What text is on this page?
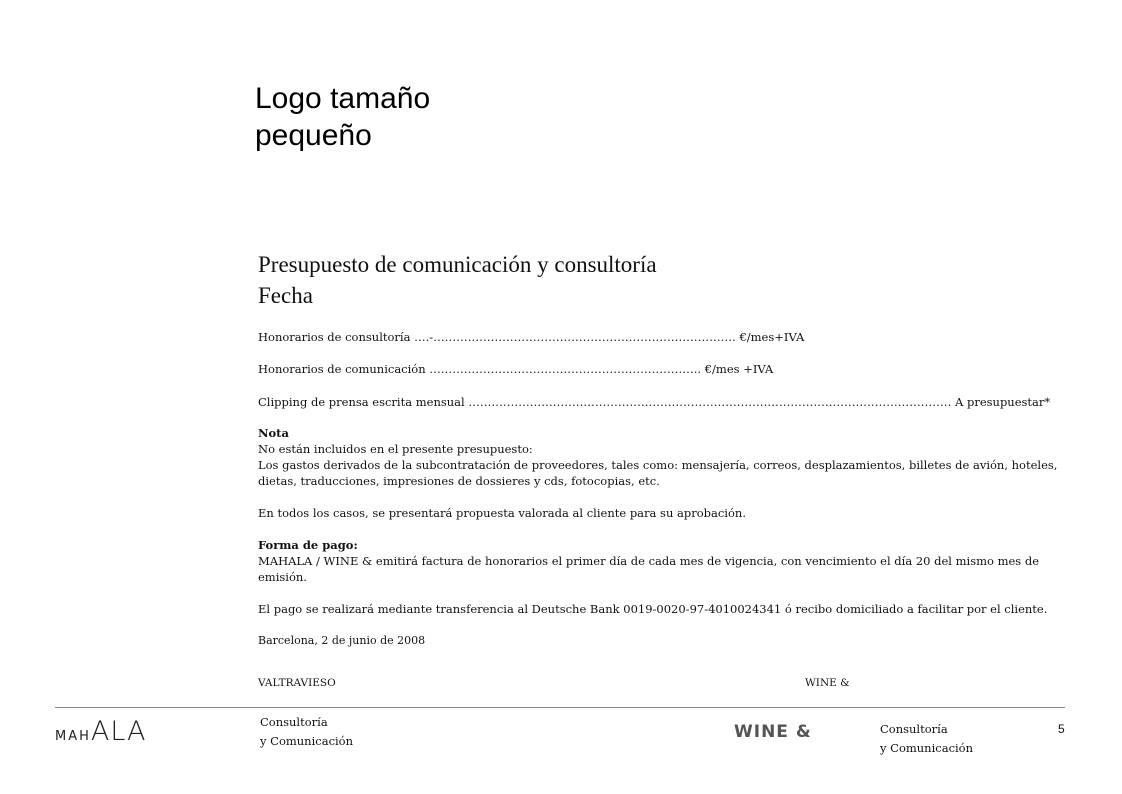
Logo tamaño
pequeño
Presupuesto de comunicación y consultoría
Fecha
Honorarios de consultoría ….-……………………………………………………………………. €/mes+IVA
Honorarios de comunicación …………………………………………………………….. €/mes +IVA
Clipping de prensa escrita mensual ……………………………………………………………………………………………………………… A presupuestar*
Nota
No están incluidos en el presente presupuesto:
Los gastos derivados de la subcontratación de proveedores, tales como: mensajería, correos, desplazamientos, billetes de avión, hoteles,
dietas, traducciones, impresiones de dossieres y cds, fotocopias, etc.
En todos los casos, se presentará propuesta valorada al cliente para su aprobación.
Forma de pago:
MAHALA / WINE & emitirá factura de honorarios el primer día de cada mes de vigencia, con vencimiento el día 20 del mismo mes de
emisión.
El pago se realizará mediante transferencia al Deutsche Bank 0019-0020-97-4010024341 ó recibo domiciliado a facilitar por el cliente.
Barcelona, 2 de junio de 2008
VALTRAVIESO	WINE &
MAHALA	Consultoría
y Comunicación	WINE &	Consultoría
y Comunicación
5
